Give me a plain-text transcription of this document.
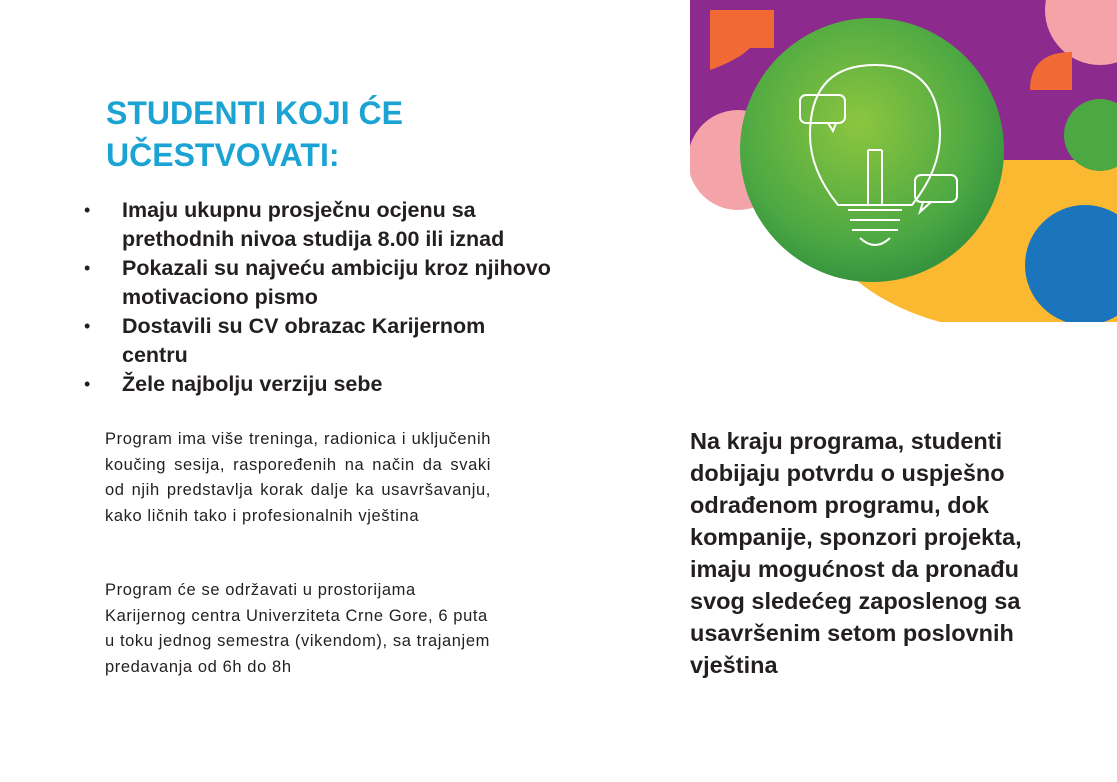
STUDENTI KOJI ĆE UČESTVOVATI:
• Imaju ukupnu prosječnu ocjenu sa prethodnih nivoa studija 8.00 ili iznad
• Pokazali su najveću ambiciju kroz njihovo motivaciono pismo
• Dostavili su CV obrazac Karijernom centru
• Žele najbolju verziju sebe

Program ima više treninga, radionica i uključenih koučing sesija, raspoređenih na način da svaki od njih predstavlja korak dalje ka usavršavanju, kako ličnih tako i profesionalnih vještina

Program će se održavati u prostorijama Karijernog centra Univerziteta Crne Gore, 6 puta u toku jednog semestra (vikendom), sa trajanjem predavanja od 6h do 8h

Na kraju programa, studenti dobijaju potvrdu o uspješno odrađenom programu, dok kompanije, sponzori projekta, imaju mogućnost da pronađu svog sledećeg zaposlenog sa usavršenim setom poslovnih vještina
